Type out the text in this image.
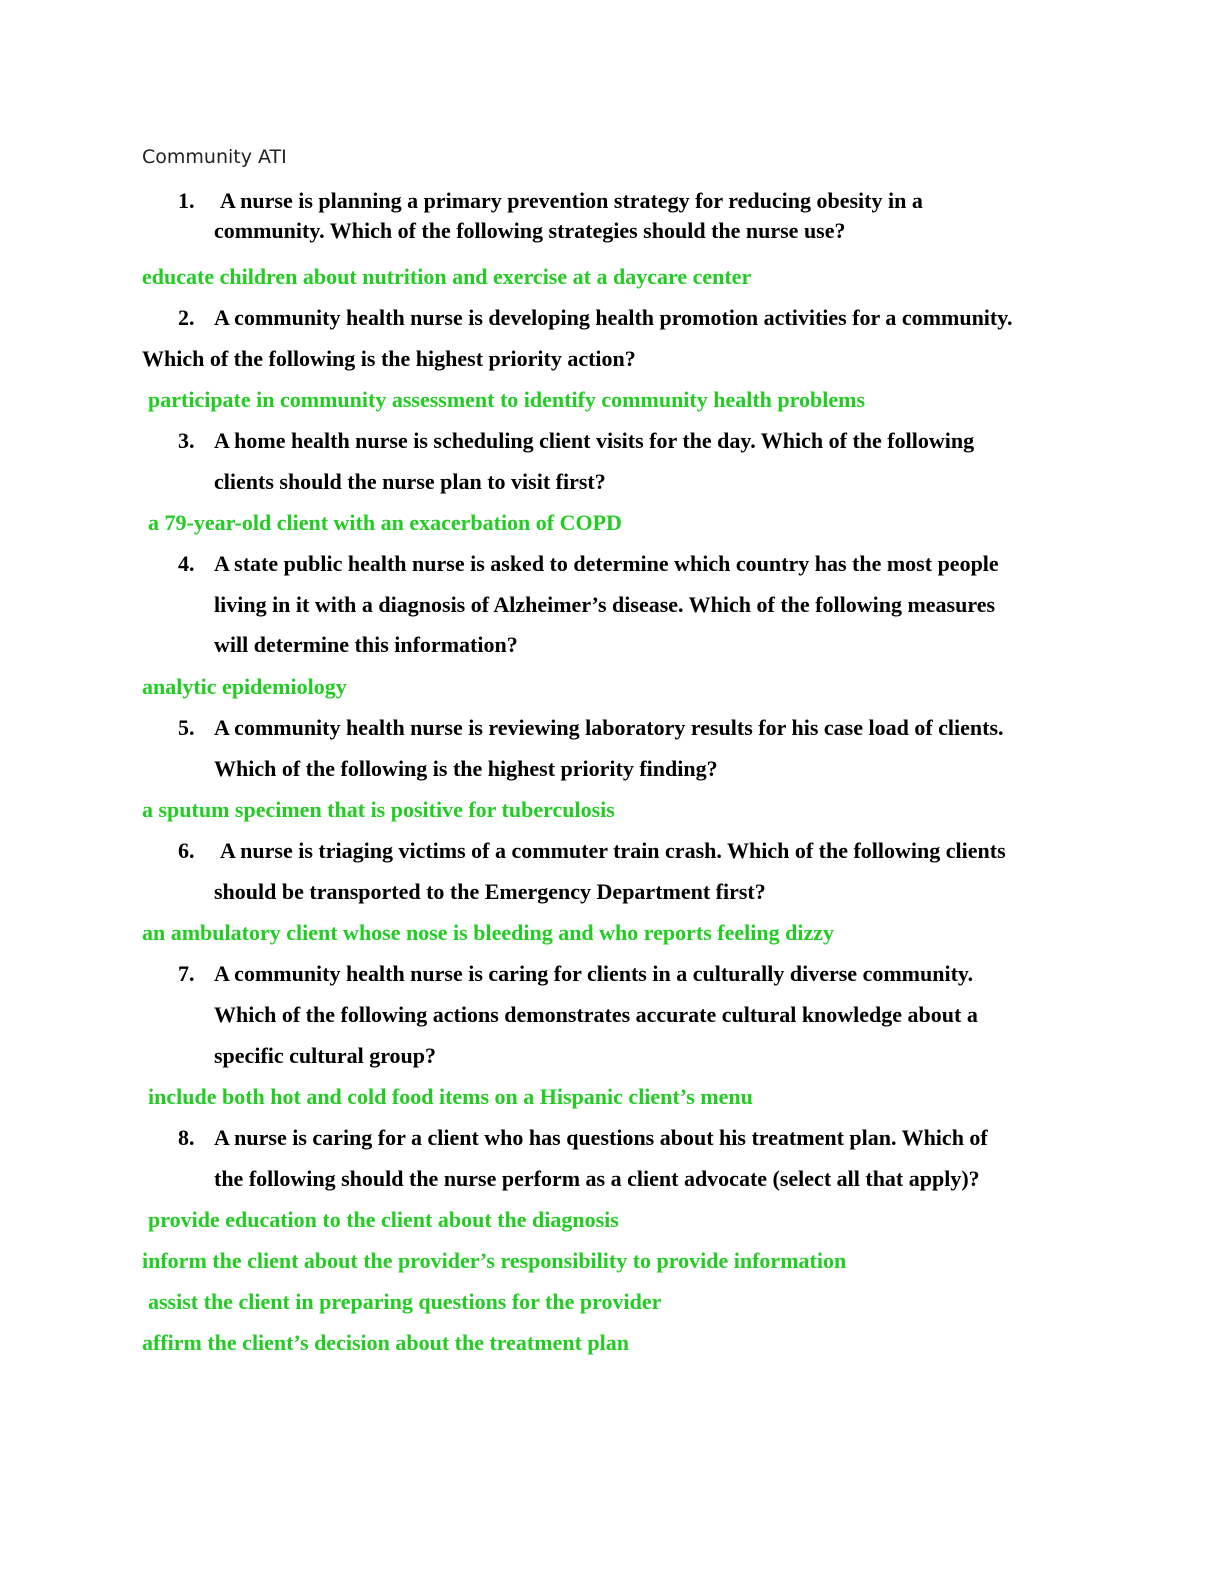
Community ATI
1. A nurse is planning a primary prevention strategy for reducing obesity in a
community. Which of the following strategies should the nurse use?
educate children about nutrition and exercise at a daycare center
2. A community health nurse is developing health promotion activities for a community.
Which of the following is the highest priority action?
participate in community assessment to identify community health problems
3. A home health nurse is scheduling client visits for the day. Which of the following
clients should the nurse plan to visit first?
a 79-year-old client with an exacerbation of COPD
4. A state public health nurse is asked to determine which country has the most people
living in it with a diagnosis of Alzheimer’s disease. Which of the following measures
will determine this information?
analytic epidemiology
5. A community health nurse is reviewing laboratory results for his case load of clients.
Which of the following is the highest priority finding?
a sputum specimen that is positive for tuberculosis
6. A nurse is triaging victims of a commuter train crash. Which of the following clients
should be transported to the Emergency Department first?
an ambulatory client whose nose is bleeding and who reports feeling dizzy
7. A community health nurse is caring for clients in a culturally diverse community.
Which of the following actions demonstrates accurate cultural knowledge about a
specific cultural group?
include both hot and cold food items on a Hispanic client’s menu
8. A nurse is caring for a client who has questions about his treatment plan. Which of
the following should the nurse perform as a client advocate (select all that apply)?
provide education to the client about the diagnosis
inform the client about the provider’s responsibility to provide information
assist the client in preparing questions for the provider
affirm the client’s decision about the treatment plan
